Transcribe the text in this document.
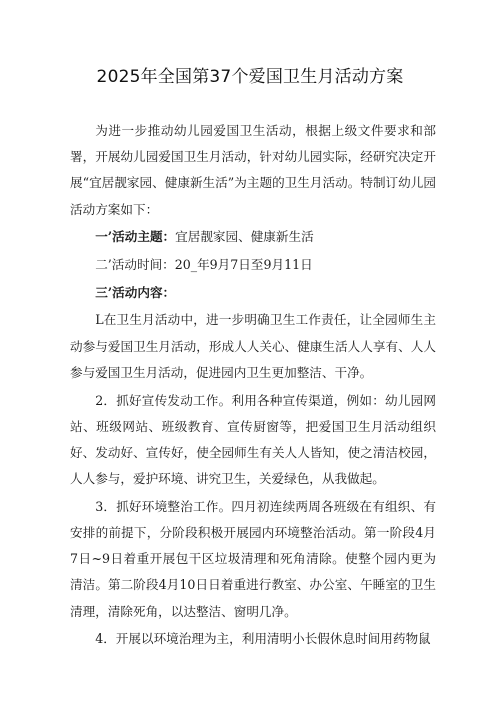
2025年全国第37个爱国卫生月活动方案

为进一步推动幼儿园爱国卫生活动，根据上级文件要求和部署，开展幼儿园爱国卫生月活动，针对幼儿园实际，经研究决定开展“宜居靓家园、健康新生活”为主题的卫生月活动。特制订幼儿园活动方案如下：

一’活动主题：宜居靓家园、健康新生活

二’活动时间：20_年9月7日至9月11日

三’活动内容：

L在卫生月活动中，进一步明确卫生工作责任，让全园师生主动参与爱国卫生月活动，形成人人关心、健康生活人人享有、人人参与爱国卫生月活动，促进园内卫生更加整洁、干净。

2．抓好宣传发动工作。利用各种宣传渠道，例如：幼儿园网站、班级网站、班级教育、宣传厨窗等，把爱国卫生月活动组织好、发动好、宣传好，使全园师生有关人人皆知，使之清洁校园，人人参与，爱护环境、讲究卫生，关爱绿色，从我做起。

3．抓好环境整治工作。四月初连续两周各班级在有组织、有安排的前提下，分阶段积极开展园内环境整治活动。第一阶段4月7日~9日着重开展包干区垃圾清理和死角清除。使整个园内更为清洁。第二阶段4月10日日着重进行教室、办公室、午睡室的卫生清理，清除死角，以达整洁、窗明几净。

4．开展以环境治理为主，利用清明小长假休息时间用药物鼠
